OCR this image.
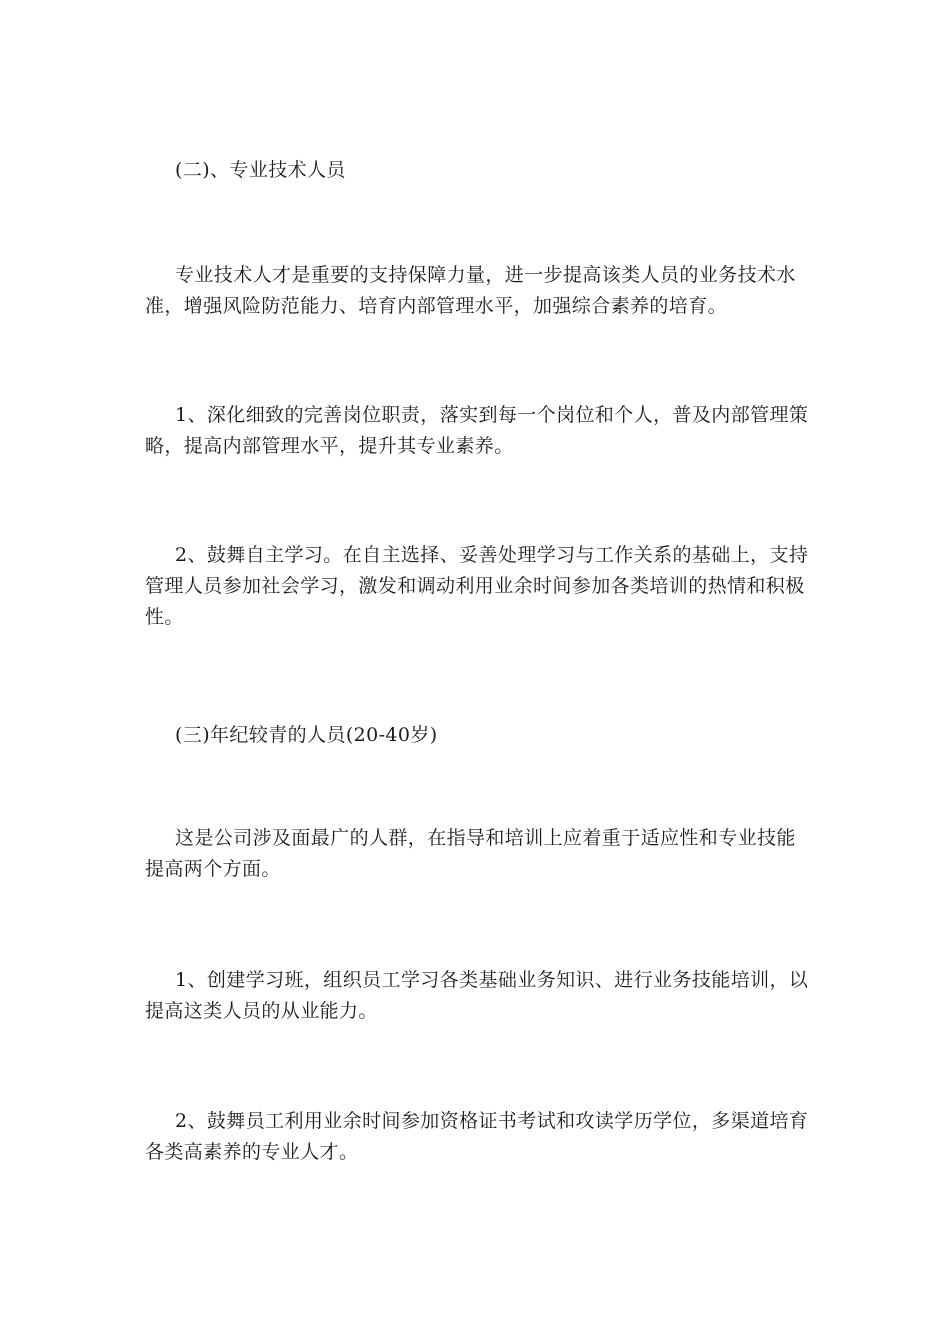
(二)、专业技术人员

专业技术人才是重要的支持保障力量，进一步提高该类人员的业务技术水准，增强风险防范能力、培育内部管理水平，加强综合素养的培育。

1、深化细致的完善岗位职责，落实到每一个岗位和个人，普及内部管理策略，提高内部管理水平，提升其专业素养。

2、鼓舞自主学习。在自主选择、妥善处理学习与工作关系的基础上，支持管理人员参加社会学习，激发和调动利用业余时间参加各类培训的热情和积极性。

(三)年纪较青的人员(20-40岁)

这是公司涉及面最广的人群，在指导和培训上应着重于适应性和专业技能提高两个方面。

1、创建学习班，组织员工学习各类基础业务知识、进行业务技能培训，以提高这类人员的从业能力。

2、鼓舞员工利用业余时间参加资格证书考试和攻读学历学位，多渠道培育各类高素养的专业人才。
